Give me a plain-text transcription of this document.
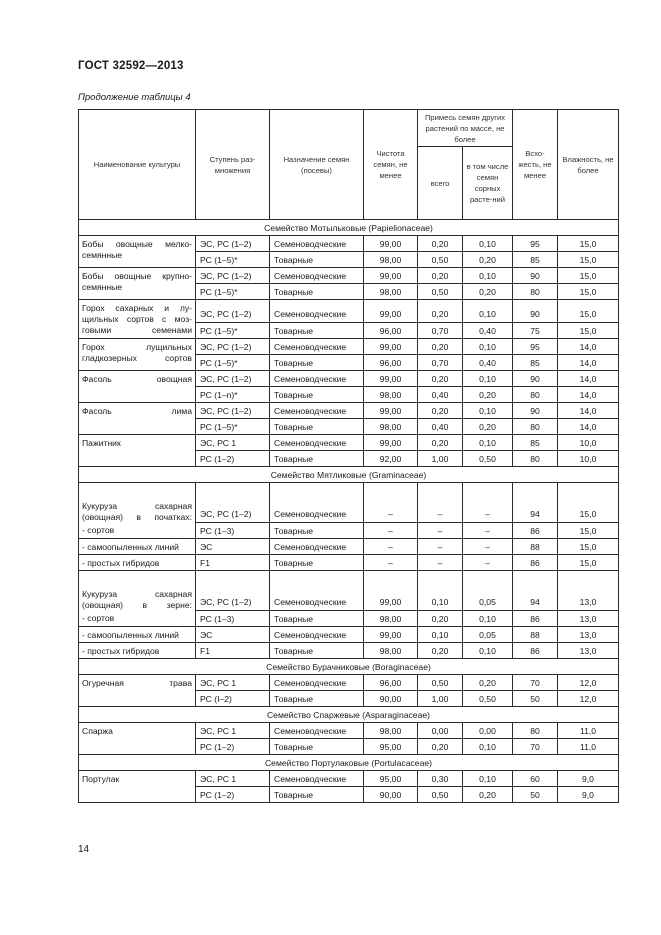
ГОСТ 32592—2013
Продолжение таблицы 4
Наименование культуры	Ступень раз-множения	Назначение семян (посевы)	Чистота семян, не менее	Примесь семян других растений по массе, не более		Всхо-жесть, не менее	Влажность, не более
				всего	в том числе семян сорных расте-ний		
Семейство Мотыльковые (Papielionaceae)							

Бобы овощные мелко-семянные	ЭС, РС (1–2)	Семеноводческие	99,00	0,20	0,10	95	15,0
	РС (1–5)*	Товарные	98,00	0,50	0,20	85	15,0

Бобы овощные крупно-семянные	ЭС, РС (1–2)	Семеноводческие	99,00	0,20	0,10	90	15,0
	РС (1–5)*	Товарные	98,00	0,50	0,20	80	15,0

Горох сахарных и лу-щильных сортов с моз-говыми семенами	ЭС, РС (1–2)	Семеноводческие	99,00	0,20	0,10	90	15,0
	РС (1–5)*	Товарные	96,00	0,70	0,40	75	15,0

Горох лущильных гладкозерных сортов	ЭС, РС (1–2)	Семеноводческие	99,00	0,20	0,10	95	14,0
	РС (1–5)*	Товарные	96,00	0,70	0,40	85	14,0

Фасоль овощная	ЭС, РС (1–2)	Семеноводческие	99,00	0,20	0,10	90	14,0
	РС (1–n)*	Товарные	98,00	0,40	0,20	80	14,0

Фасоль лима	ЭС, РС (1–2)	Семеноводческие	99,00	0,20	0,10	90	14,0
	РС (1–5)*	Товарные	98,00	0,40	0,20	80	14,0

Пажитник	ЭС, РС 1	Семеноводческие	99,00	0,20	0,10	85	10,0
	РС (1–2)	Товарные	92,00	1,00	0,50	80	10,0
Семейство Мятликовые (Graminaceae)							

Кукуруза сахарная (овощная) в початках:
- сортов	ЭС, РС (1–2)	Семеноводческие	–	–	–	94	15,0
	РС (1–3)	Товарные	–	–	–	86	15,0

- самоопыленных линий	ЭС	Семеноводческие	–	–	–	88	15,0

- простых гибридов	F1	Товарные	–	–	–	86	15,0

Кукуруза сахарная (овощная) в зерне:
- сортов	ЭС, РС (1–2)	Семеноводческие	99,00	0,10	0,05	94	13,0
	РС (1–3)	Товарные	98,00	0,20	0,10	86	13,0

- самоопыленных линий	ЭС	Семеноводческие	99,00	0,10	0,05	88	13,0

- простых гибридов	F1	Товарные	98,00	0,20	0,10	86	13,0
Семейство Бурачниковые (Boraginaceae)							

Огуречная трава	ЭС, РС 1	Семеноводческие	96,00	0,50	0,20	70	12,0
	РС (I–2)	Товарные	90,00	1,00	0,50	50	12,0
Семейство Спаржевые (Asparaginaceae)							

Спаржа	ЭС, РС 1	Семеноводческие	98,00	0,00	0,00	80	11,0
	РС (1–2)	Товарные	95,00	0,20	0,10	70	11,0
Семейство Портулаковые (Portulacaceae)							

Портулак	ЭС, РС 1	Семеноводческие	95,00	0,30	0,10	60	9,0
	РС (1–2)	Товарные	90,00	0,50	0,20	50	9,0
14
